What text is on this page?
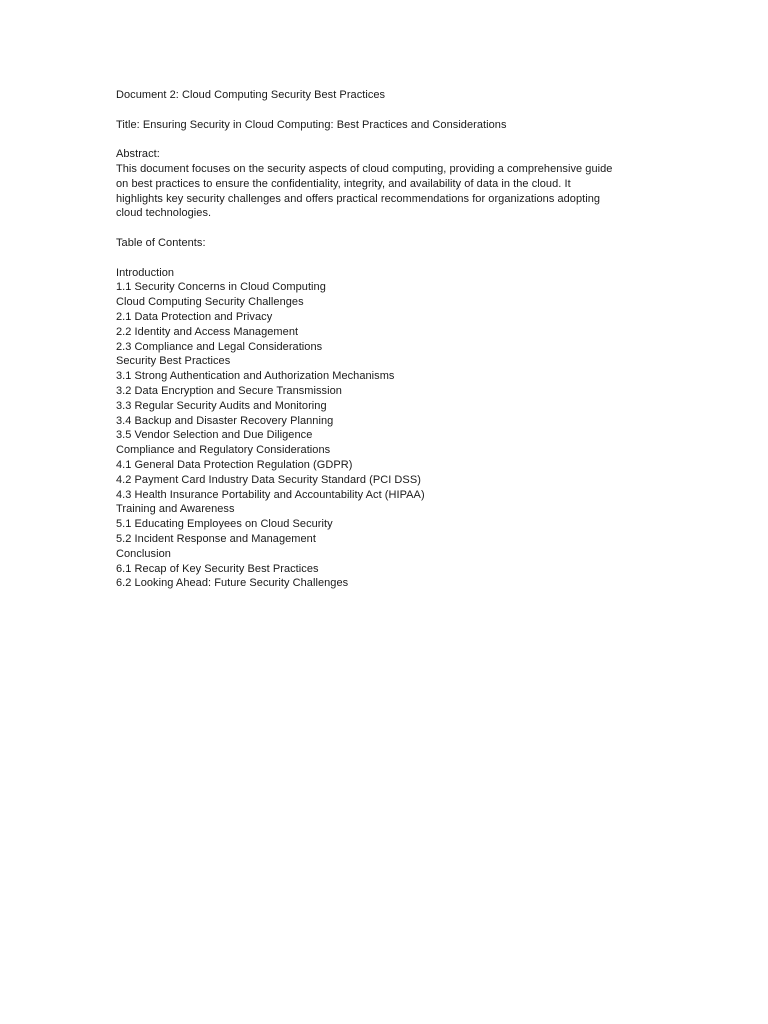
Document 2: Cloud Computing Security Best Practices
Title: Ensuring Security in Cloud Computing: Best Practices and Considerations
Abstract:
This document focuses on the security aspects of cloud computing, providing a comprehensive guide
on best practices to ensure the confidentiality, integrity, and availability of data in the cloud. It
highlights key security challenges and offers practical recommendations for organizations adopting
cloud technologies.
Table of Contents:
Introduction
1.1 Security Concerns in Cloud Computing
Cloud Computing Security Challenges
2.1 Data Protection and Privacy
2.2 Identity and Access Management
2.3 Compliance and Legal Considerations
Security Best Practices
3.1 Strong Authentication and Authorization Mechanisms
3.2 Data Encryption and Secure Transmission
3.3 Regular Security Audits and Monitoring
3.4 Backup and Disaster Recovery Planning
3.5 Vendor Selection and Due Diligence
Compliance and Regulatory Considerations
4.1 General Data Protection Regulation (GDPR)
4.2 Payment Card Industry Data Security Standard (PCI DSS)
4.3 Health Insurance Portability and Accountability Act (HIPAA)
Training and Awareness
5.1 Educating Employees on Cloud Security
5.2 Incident Response and Management
Conclusion
6.1 Recap of Key Security Best Practices
6.2 Looking Ahead: Future Security Challenges
